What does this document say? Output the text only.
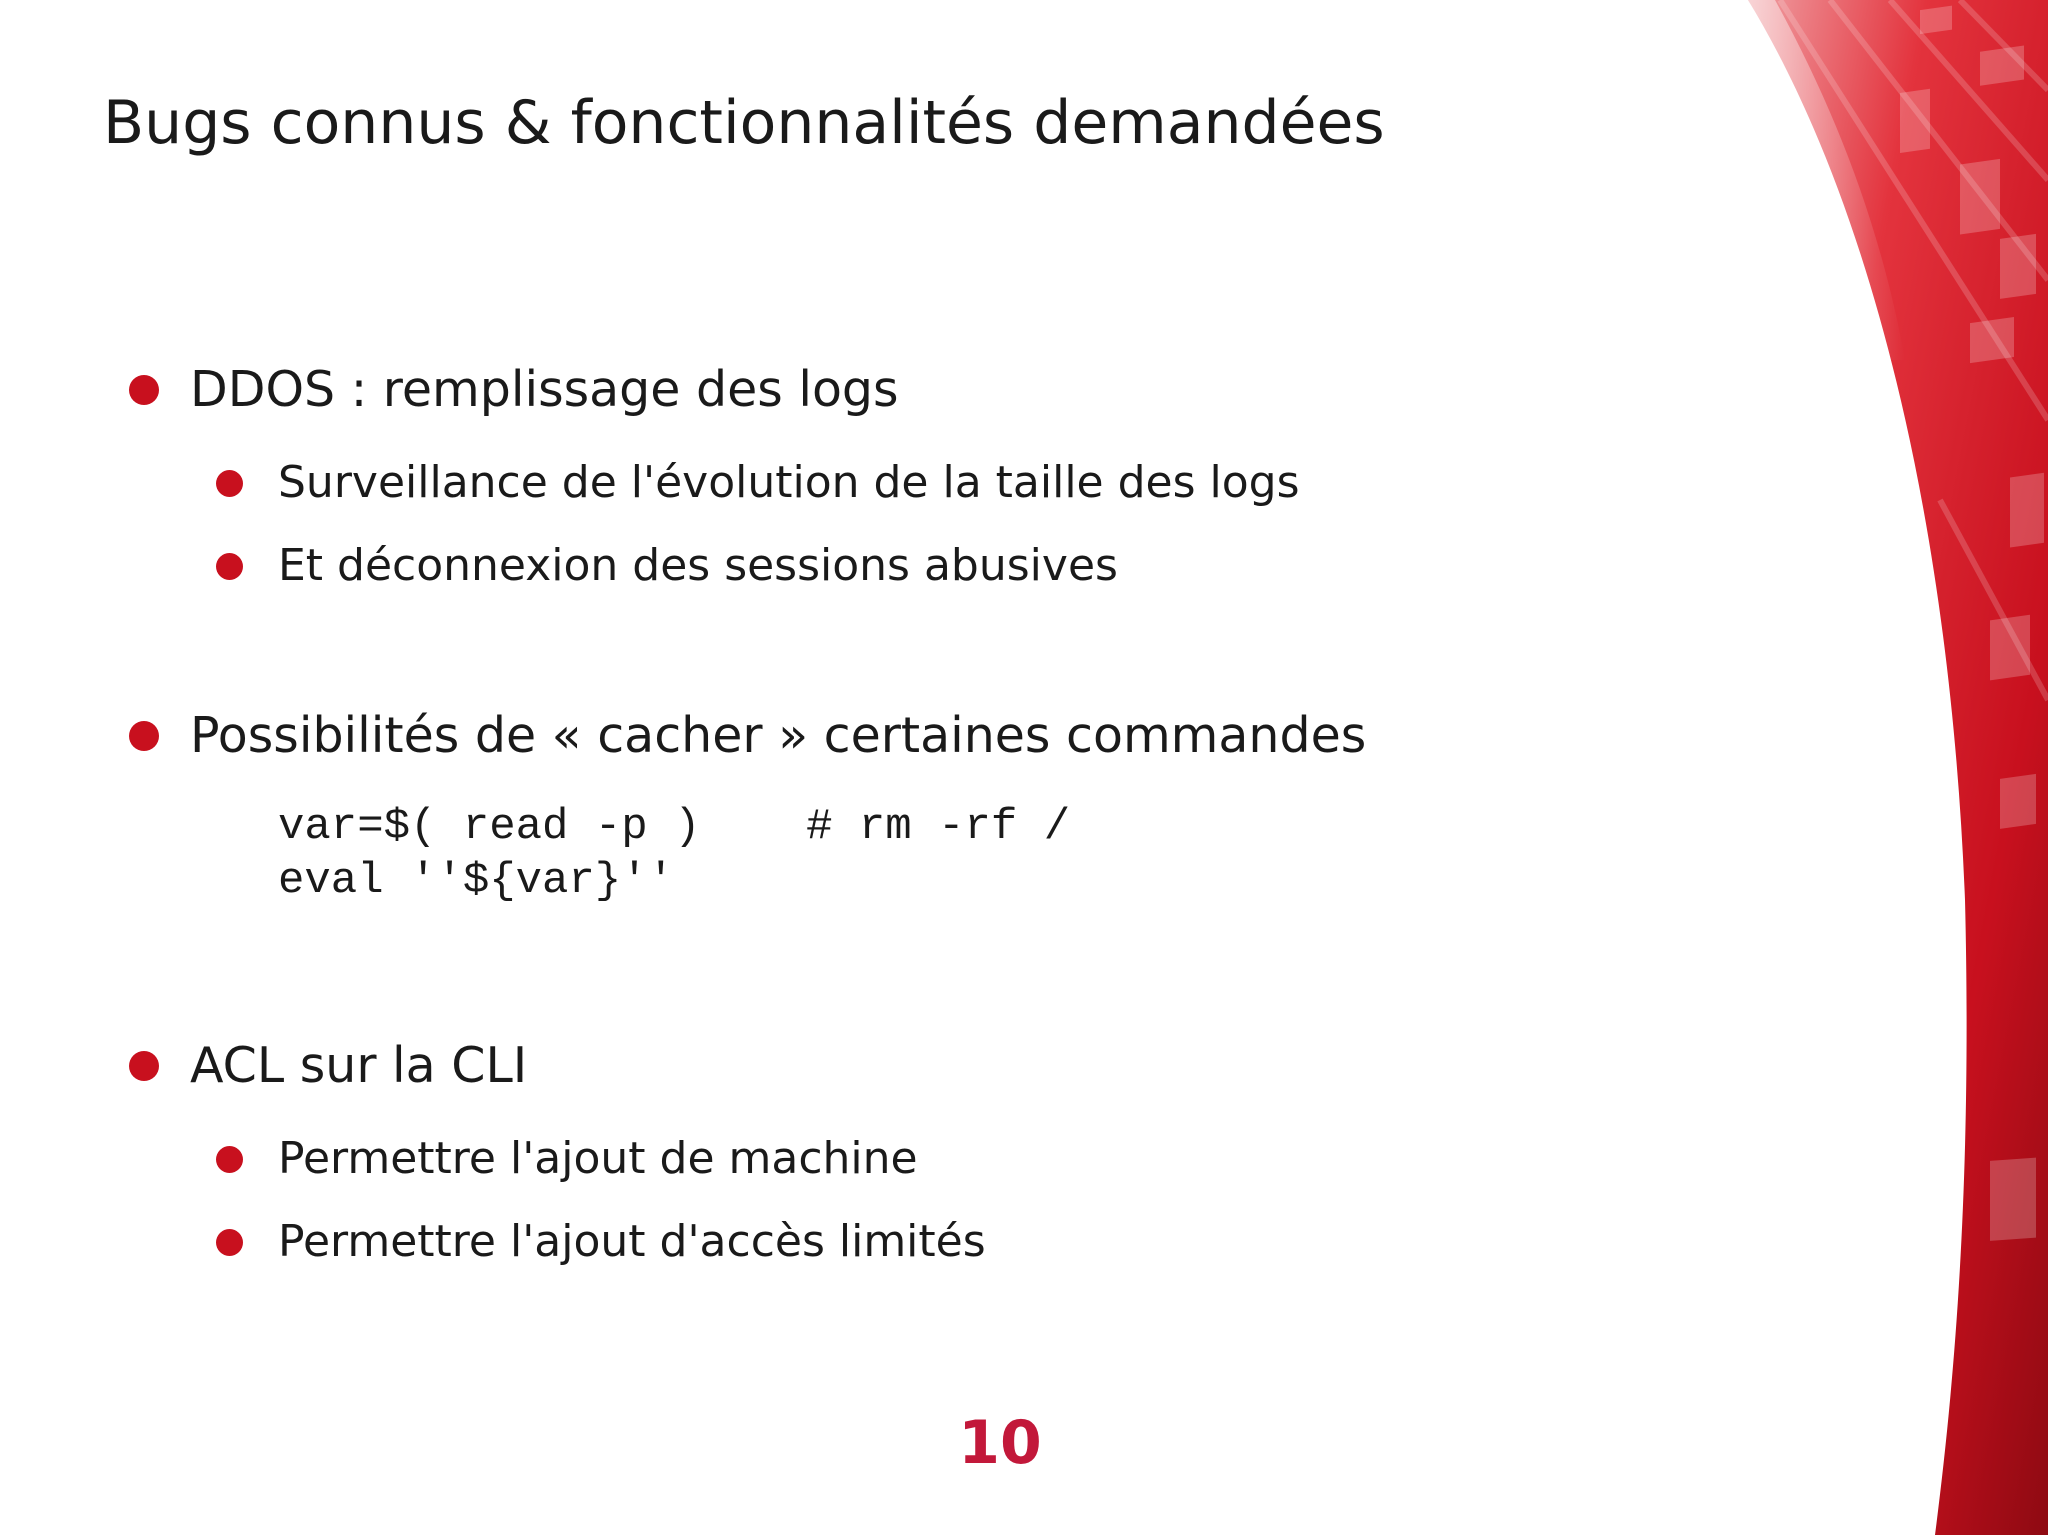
Bugs connus & fonctionnalités demandées
DDOS : remplissage des logs
Surveillance de l'évolution de la taille des logs
Et déconnexion des sessions abusives
Possibilités de « cacher » certaines commandes
var=$( read -p )    # rm -rf /
eval ''${var}''
ACL sur la CLI
Permettre l'ajout de machine
Permettre l'ajout d'accès limités
10
